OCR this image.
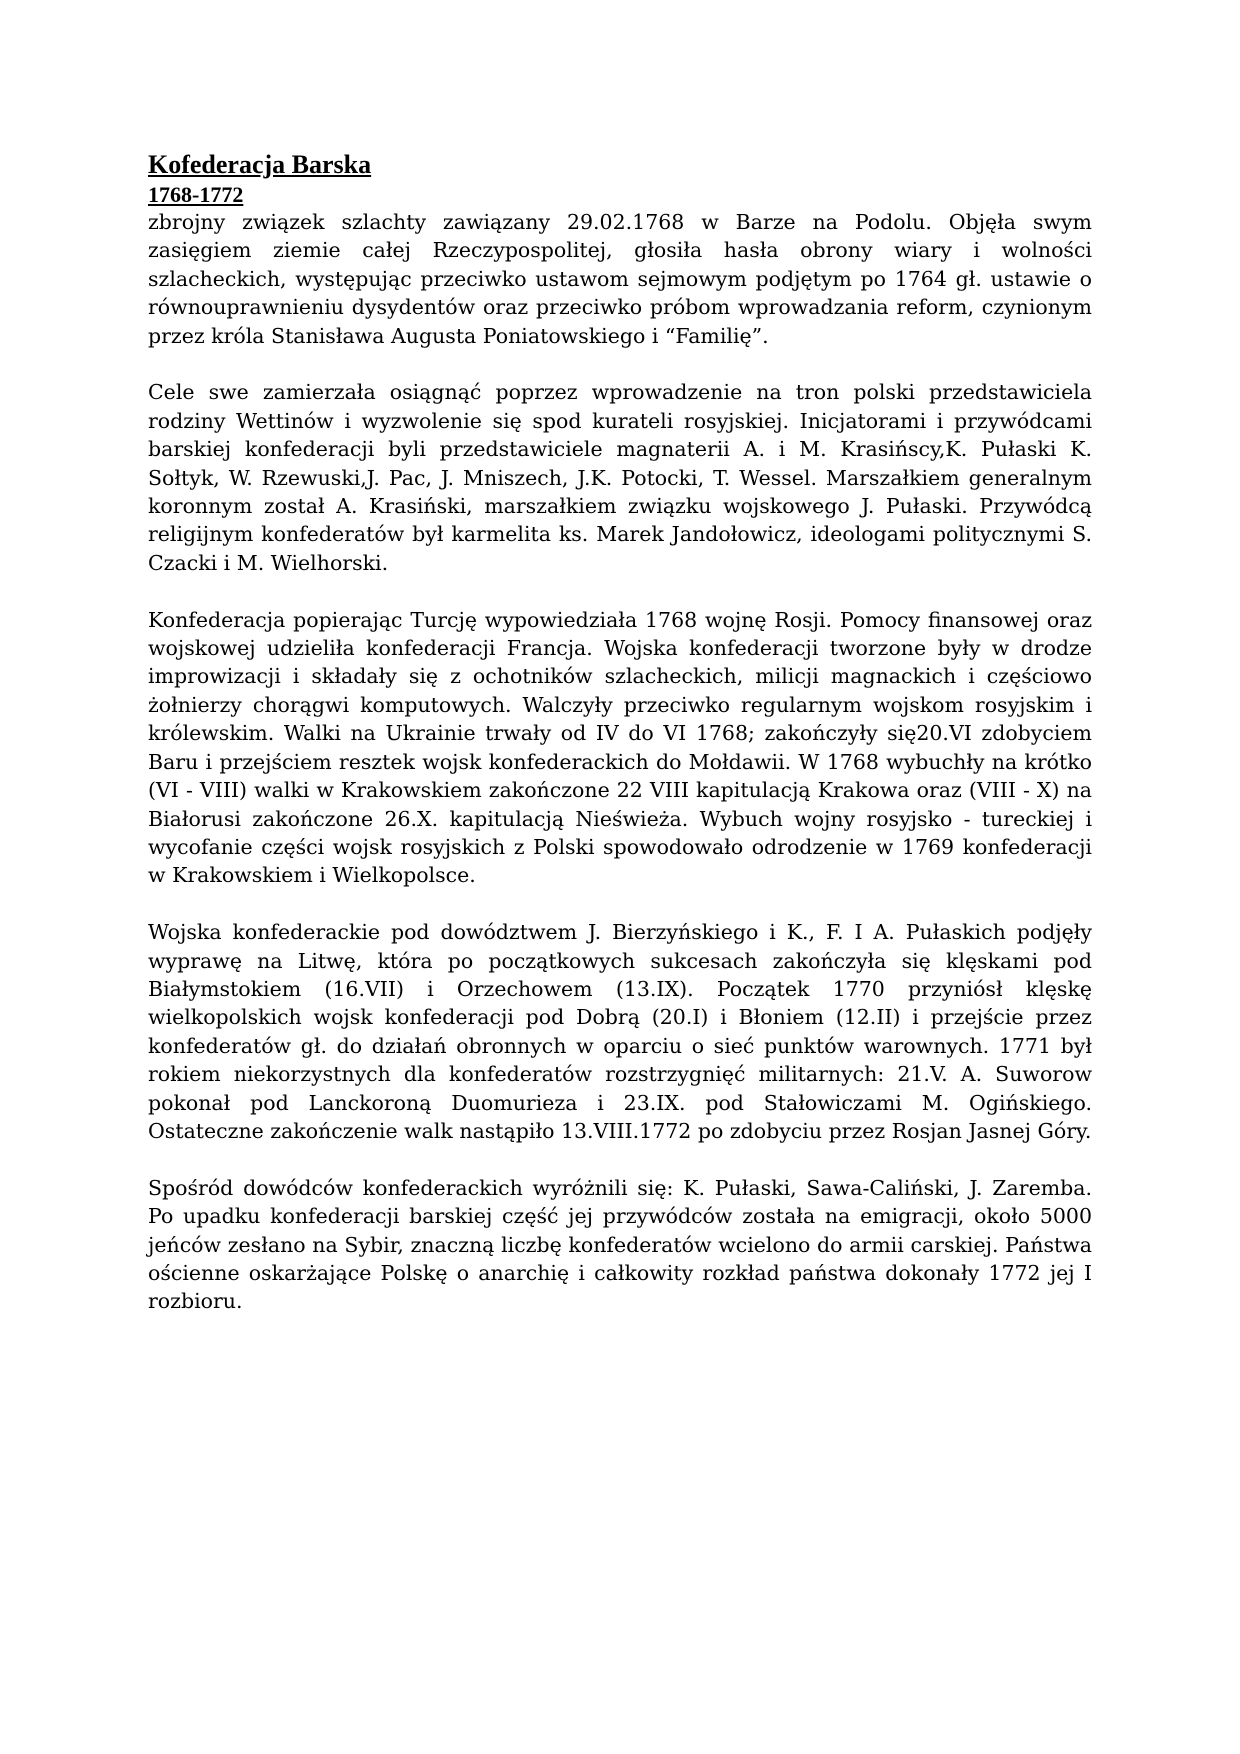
Kofederacja Barska
1768-1772

zbrojny związek szlachty zawiązany 29.02.1768 w Barze na Podolu. Objęła swym zasięgiem ziemie całej Rzeczypospolitej, głosiła hasła obrony wiary i wolności szlacheckich, występując przeciwko ustawom sejmowym podjętym po 1764 gł. ustawie o równouprawnieniu dysydentów oraz przeciwko próbom wprowadzania reform, czynionym przez króla Stanisława Augusta Poniatowskiego i “Familię”.

Cele swe zamierzała osiągnąć poprzez wprowadzenie na tron polski przedstawiciela rodziny Wettinów i wyzwolenie się spod kurateli rosyjskiej. Inicjatorami i przywódcami barskiej konfederacji byli przedstawiciele magnaterii A. i M. Krasińscy,K. Pułaski K. Sołtyk, W. Rzewuski,J. Pac, J. Mniszech, J.K. Potocki, T. Wessel. Marszałkiem generalnym koronnym został A. Krasiński, marszałkiem związku wojskowego J. Pułaski. Przywódcą religijnym konfederatów był karmelita ks. Marek Jandołowicz, ideologami politycznymi S. Czacki i M. Wielhorski.

Konfederacja popierając Turcję wypowiedziała 1768 wojnę Rosji. Pomocy finansowej oraz wojskowej udzieliła konfederacji Francja. Wojska konfederacji tworzone były w drodze improwizacji i składały się z ochotników szlacheckich, milicji magnackich i częściowo żołnierzy chorągwi komputowych. Walczyły przeciwko regularnym wojskom rosyjskim i królewskim. Walki na Ukrainie trwały od IV do VI 1768; zakończyły się20.VI zdobyciem Baru i przejściem resztek wojsk konfederackich do Mołdawii. W 1768 wybuchły na krótko (VI - VIII) walki w Krakowskiem zakończone 22 VIII kapitulacją Krakowa oraz (VIII - X) na Białorusi zakończone 26.X. kapitulacją Nieświeża. Wybuch wojny rosyjsko - tureckiej i wycofanie części wojsk rosyjskich z Polski spowodowało odrodzenie w 1769 konfederacji w Krakowskiem i Wielkopolsce.

Wojska konfederackie pod dowództwem J. Bierzyńskiego i K., F. I A. Pułaskich podjęły wyprawę na Litwę, która po początkowych sukcesach zakończyła się klęskami pod Białymstokiem (16.VII) i Orzechowem (13.IX). Początek 1770 przyniósł klęskę wielkopolskich wojsk konfederacji pod Dobrą (20.I) i Błoniem (12.II) i przejście przez konfederatów gł. do działań obronnych w oparciu o sieć punktów warownych. 1771 był rokiem niekorzystnych dla konfederatów rozstrzygnięć militarnych: 21.V. A. Suworow pokonał pod Lanckoroną Duomurieza i 23.IX. pod Stałowiczami M. Ogińskiego. Ostateczne zakończenie walk nastąpiło 13.VIII.1772 po zdobyciu przez Rosjan Jasnej Góry.

Spośród dowódców konfederackich wyróżnili się: K. Pułaski, Sawa-Caliński, J. Zaremba. Po upadku konfederacji barskiej część jej przywódców została na emigracji, około 5000 jeńców zesłano na Sybir, znaczną liczbę konfederatów wcielono do armii carskiej. Państwa ościenne oskarżające Polskę o anarchię i całkowity rozkład państwa dokonały 1772 jej I rozbioru.
